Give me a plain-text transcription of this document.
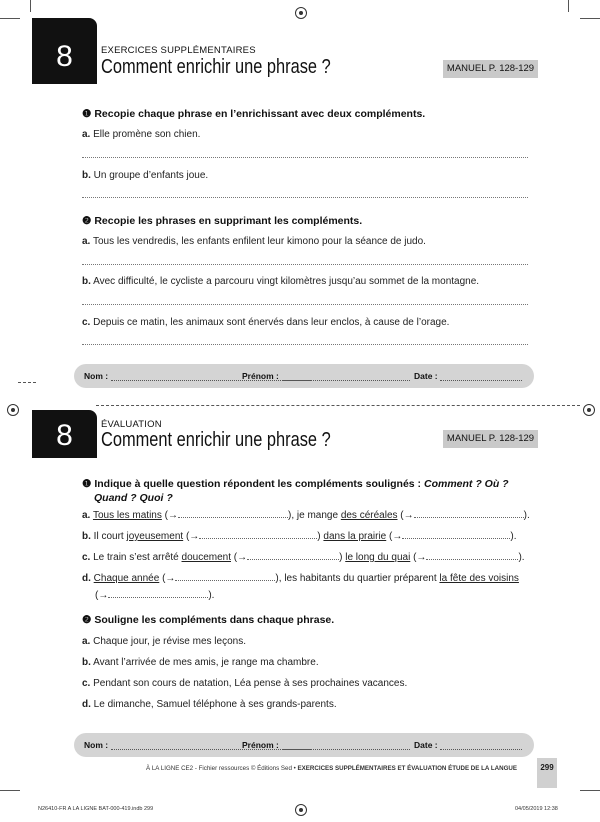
8	EXERCICES SUPPLÉMENTAIRES
Comment enrichir une phrase ?	MANUEL P. 128-129
❶ Recopie chaque phrase en l’enrichissant avec deux compléments.
a. Elle promène son chien.
b. Un groupe d’enfants joue.
❷ Recopie les phrases en supprimant les compléments.
a. Tous les vendredis, les enfants enfilent leur kimono pour la séance de judo.
b. Avec difficulté, le cycliste a parcouru vingt kilomètres jusqu’au sommet de la montagne.
c. Depuis ce matin, les animaux sont énervés dans leur enclos, à cause de l’orage.
Nom :	Prénom :	Date :
8	ÉVALUATION
Comment enrichir une phrase ?	MANUEL P. 128-129
❶ Indique à quelle question répondent les compléments soulignés : Comment ? Où ?
Quand ? Quoi ?
a. Tous les matins (→	), je mange des céréales (→	).
b. Il court joyeusement (→	) dans la prairie (→	).
c. Le train s’est arrêté doucement (→	) le long du quai (→	).
d. Chaque année (→	), les habitants du quartier préparent la fête des voisins
(→	).
❷ Souligne les compléments dans chaque phrase.
a. Chaque jour, je révise mes leçons.
b. Avant l’arrivée de mes amis, je range ma chambre.
c. Pendant son cours de natation, Léa pense à ses prochaines vacances.
d. Le dimanche, Samuel téléphone à ses grands-parents.
Nom :	Prénom :	Date :
À LA LIGNE CE2 - Fichier ressources © Éditions Sed • EXERCICES SUPPLÉMENTAIRES ET ÉVALUATION ÉTUDE DE LA LANGUE	299
N26410-FR A LA LIGNE BAT-000-419.indb 299	04/05/2019 12:38
